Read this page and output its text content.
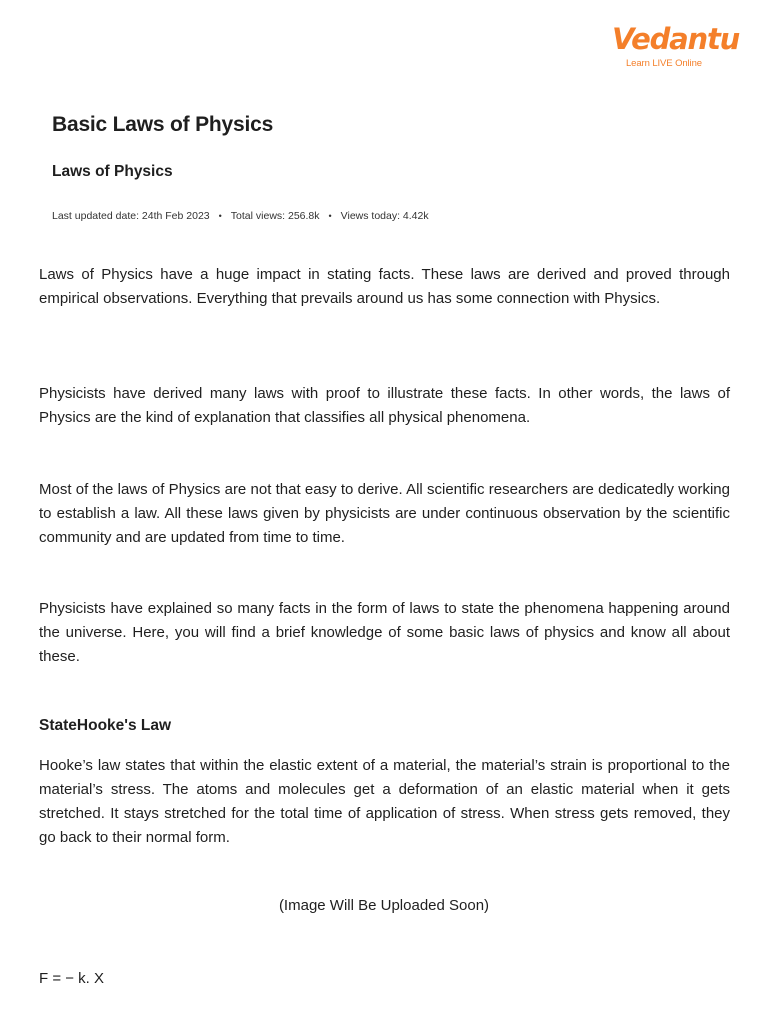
Vedantu
Learn LIVE Online
Basic Laws of Physics
Laws of Physics
Last updated date: 24th Feb 2023 • Total views: 256.8k • Views today: 4.42k

Laws of Physics have a huge impact in stating facts. These laws are derived and proved through empirical observations. Everything that prevails around us has some connection with Physics.

Physicists have derived many laws with proof to illustrate these facts. In other words, the laws of Physics are the kind of explanation that classifies all physical phenomena.

Most of the laws of Physics are not that easy to derive. All scientific researchers are dedicatedly working to establish a law. All these laws given by physicists are under continuous observation by the scientific community and are updated from time to time.

Physicists have explained so many facts in the form of laws to state the phenomena happening around the universe. Here, you will find a brief knowledge of some basic laws of physics and know all about these.

StateHooke's Law

Hooke’s law states that within the elastic extent of a material, the material’s strain is proportional to the material’s stress. The atoms and molecules get a deformation of an elastic material when it gets stretched. It stays stretched for the total time of application of stress. When stress gets removed, they go back to their normal form.

(Image Will Be Uploaded Soon)
F = − k. X
